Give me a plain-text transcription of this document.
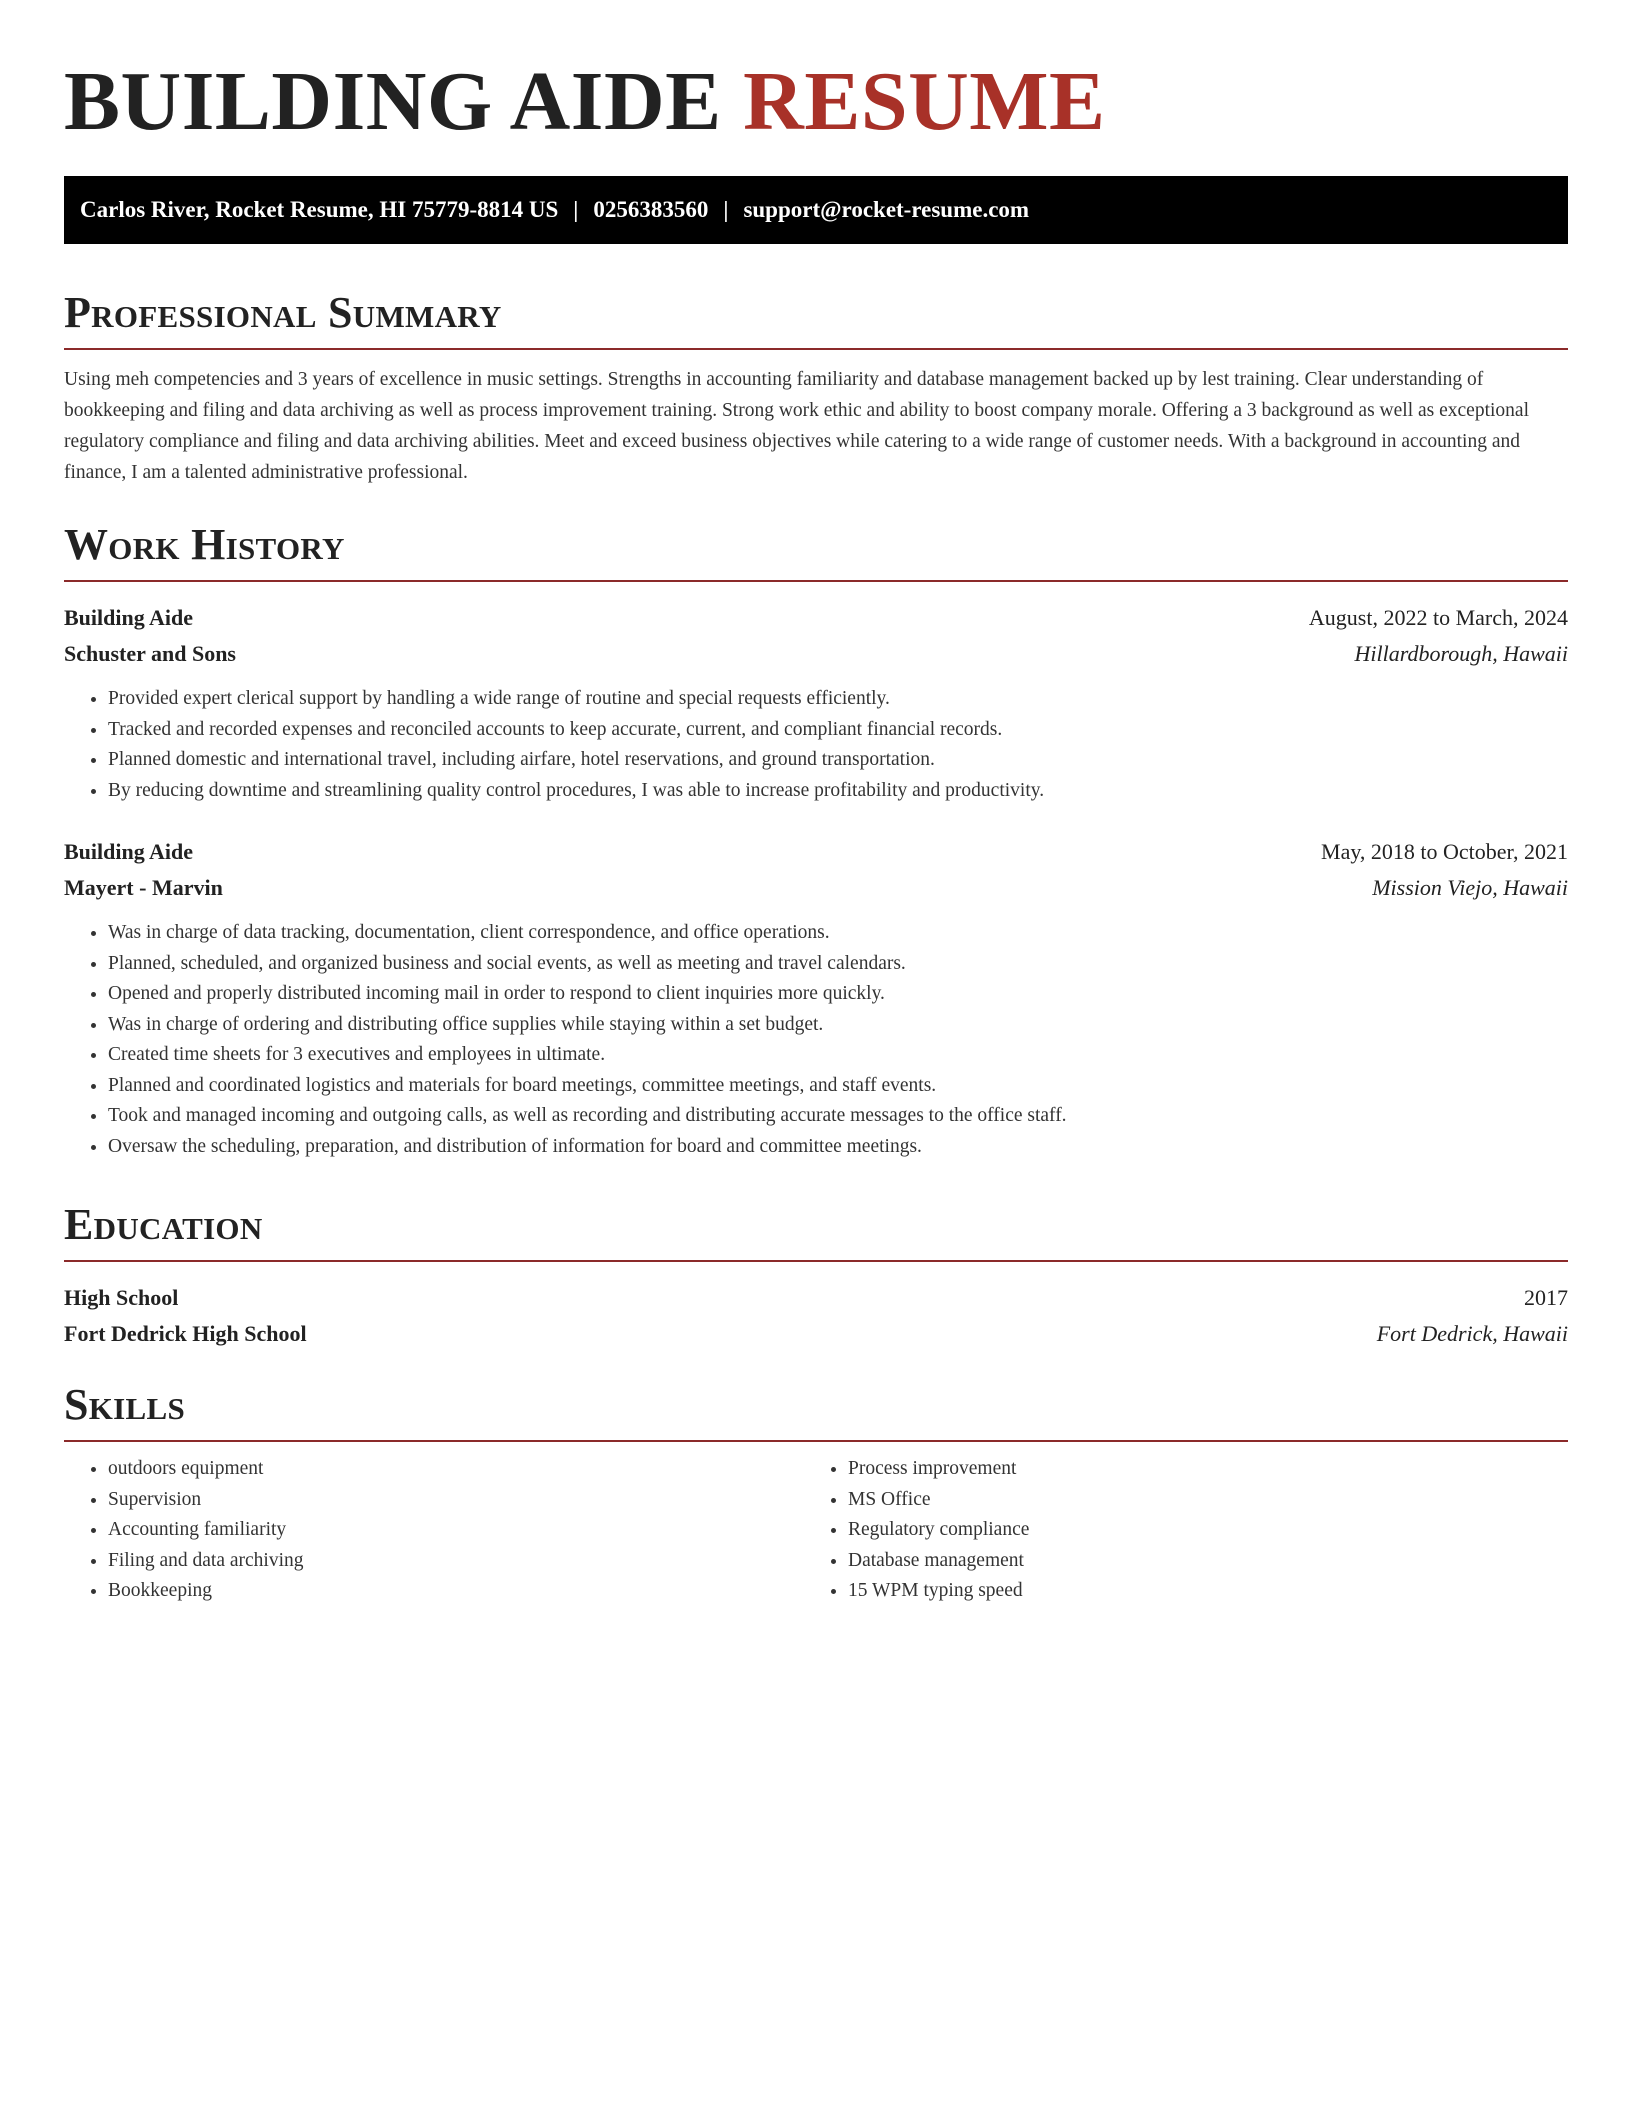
BUILDING AIDE RESUME
Carlos River, Rocket Resume, HI 75779-8814 US | 0256383560 | support@rocket-resume.com
Professional Summary
Using meh competencies and 3 years of excellence in music settings. Strengths in accounting familiarity and database management backed up by lest training. Clear understanding of bookkeeping and filing and data archiving as well as process improvement training. Strong work ethic and ability to boost company morale. Offering a 3 background as well as exceptional regulatory compliance and filing and data archiving abilities. Meet and exceed business objectives while catering to a wide range of customer needs. With a background in accounting and finance, I am a talented administrative professional.
Work History
Building Aide	August, 2022 to March, 2024
Schuster and Sons	Hillardborough, Hawaii
• Provided expert clerical support by handling a wide range of routine and special requests efficiently.
• Tracked and recorded expenses and reconciled accounts to keep accurate, current, and compliant financial records.
• Planned domestic and international travel, including airfare, hotel reservations, and ground transportation.
• By reducing downtime and streamlining quality control procedures, I was able to increase profitability and productivity.
Building Aide	May, 2018 to October, 2021
Mayert - Marvin	Mission Viejo, Hawaii
• Was in charge of data tracking, documentation, client correspondence, and office operations.
• Planned, scheduled, and organized business and social events, as well as meeting and travel calendars.
• Opened and properly distributed incoming mail in order to respond to client inquiries more quickly.
• Was in charge of ordering and distributing office supplies while staying within a set budget.
• Created time sheets for 3 executives and employees in ultimate.
• Planned and coordinated logistics and materials for board meetings, committee meetings, and staff events.
• Took and managed incoming and outgoing calls, as well as recording and distributing accurate messages to the office staff.
• Oversaw the scheduling, preparation, and distribution of information for board and committee meetings.
Education
High School	2017
Fort Dedrick High School	Fort Dedrick, Hawaii
Skills
• outdoors equipment
• Supervision
• Accounting familiarity
• Filing and data archiving
• Bookkeeping
• Process improvement
• MS Office
• Regulatory compliance
• Database management
• 15 WPM typing speed
